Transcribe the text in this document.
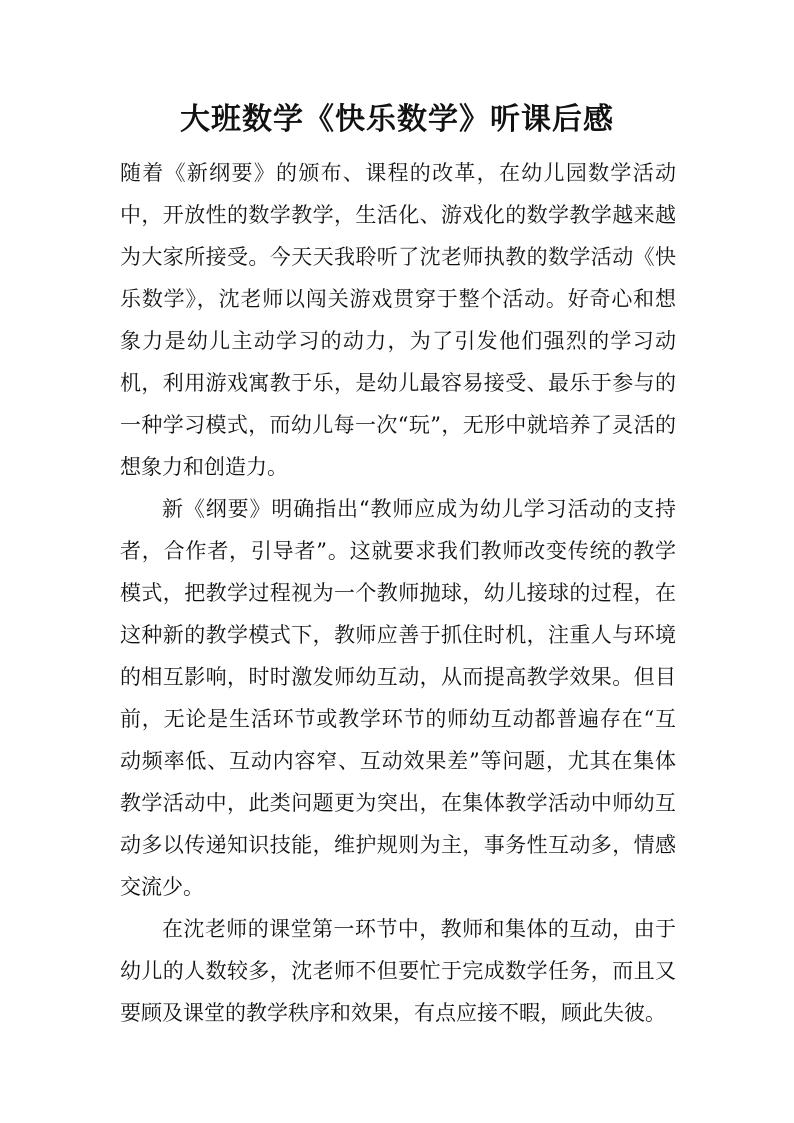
大班数学《快乐数学》听课后感

随着《新纲要》的颁布、课程的改革，在幼儿园数学活动中，开放性的数学教学，生活化、游戏化的数学教学越来越为大家所接受。今天天我聆听了沈老师执教的数学活动《快乐数学》，沈老师以闯关游戏贯穿于整个活动。好奇心和想象力是幼儿主动学习的动力，为了引发他们强烈的学习动机，利用游戏寓教于乐，是幼儿最容易接受、最乐于参与的一种学习模式，而幼儿每一次“玩”，无形中就培养了灵活的想象力和创造力。

新《纲要》明确指出“教师应成为幼儿学习活动的支持者，合作者，引导者”。这就要求我们教师改变传统的教学模式，把教学过程视为一个教师抛球，幼儿接球的过程，在这种新的教学模式下，教师应善于抓住时机，注重人与环境的相互影响，时时激发师幼互动，从而提高教学效果。但目前，无论是生活环节或教学环节的师幼互动都普遍存在“互动频率低、互动内容窄、互动效果差”等问题，尤其在集体教学活动中，此类问题更为突出，在集体教学活动中师幼互动多以传递知识技能，维护规则为主，事务性互动多，情感交流少。

在沈老师的课堂第一环节中，教师和集体的互动，由于幼儿的人数较多，沈老师不但要忙于完成数学任务，而且又要顾及课堂的教学秩序和效果，有点应接不暇，顾此失彼。
